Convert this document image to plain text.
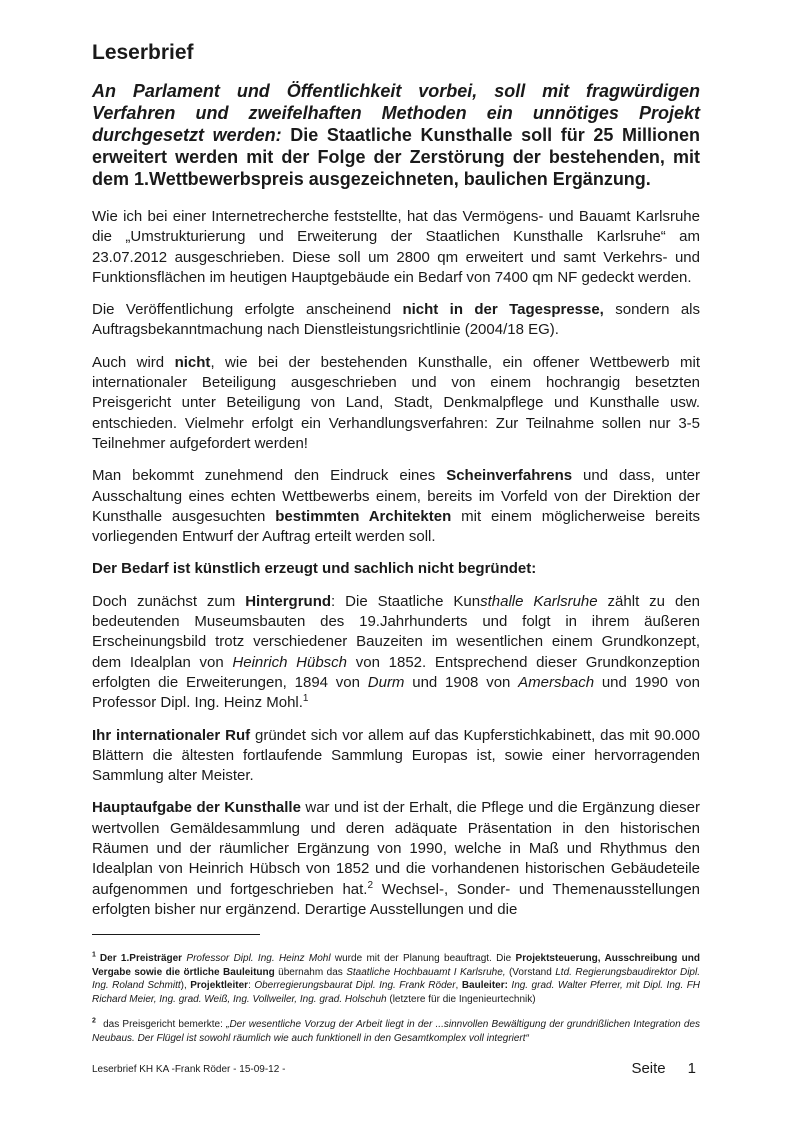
Leserbrief

An Parlament und Öffentlichkeit vorbei, soll mit fragwürdigen Verfahren und zweifelhaften Methoden ein unnötiges Projekt durchgesetzt werden: Die Staatliche Kunsthalle soll für 25 Millionen erweitert werden mit der Folge der Zerstörung der bestehenden, mit dem 1.Wettbewerbspreis ausgezeichneten, baulichen Ergänzung.

Wie ich bei einer Internetrecherche feststellte, hat das Vermögens- und Bauamt Karlsruhe die „Umstrukturierung und Erweiterung der Staatlichen Kunsthalle Karlsruhe“ am 23.07.2012 ausgeschrieben. Diese soll um 2800 qm erweitert und samt Verkehrs- und Funktionsflächen im heutigen Hauptgebäude ein Bedarf von 7400 qm NF gedeckt werden.

Die Veröffentlichung erfolgte anscheinend nicht in der Tagespresse, sondern als Auftragsbekanntmachung nach Dienstleistungsrichtlinie (2004/18 EG).

Auch wird nicht, wie bei der bestehenden Kunsthalle, ein offener Wettbewerb mit internationaler Beteiligung ausgeschrieben und von einem hochrangig besetzten Preisgericht unter Beteiligung von Land, Stadt, Denkmalpflege und Kunsthalle usw. entschieden. Vielmehr erfolgt ein Verhandlungsverfahren: Zur Teilnahme sollen nur 3-5 Teilnehmer aufgefordert werden!

Man bekommt zunehmend den Eindruck eines Scheinverfahrens und dass, unter Ausschaltung eines echten Wettbewerbs einem, bereits im Vorfeld von der Direktion der Kunsthalle ausgesuchten bestimmten Architekten mit einem möglicherweise bereits vorliegenden Entwurf der Auftrag erteilt werden soll.

Der Bedarf ist künstlich erzeugt und sachlich nicht begründet:

Doch zunächst zum Hintergrund: Die Staatliche Kunsthalle Karlsruhe zählt zu den bedeutenden Museumsbauten des 19.Jahrhunderts und folgt in ihrem äußeren Erscheinungsbild trotz verschiedener Bauzeiten im wesentlichen einem Grundkonzept, dem Idealplan von Heinrich Hübsch von 1852. Entsprechend dieser Grundkonzeption erfolgten die Erweiterungen, 1894 von Durm und 1908 von Amersbach und 1990 von Professor Dipl. Ing. Heinz Mohl.$^1$

Ihr internationaler Ruf gründet sich vor allem auf das Kupferstichkabinett, das mit 90.000 Blättern die ältesten fortlaufende Sammlung Europas ist, sowie einer hervorragenden Sammlung alter Meister.

Hauptaufgabe der Kunsthalle war und ist der Erhalt, die Pflege und die Ergänzung dieser wertvollen Gemäldesammlung und deren adäquate Präsentation in den historischen Räumen und der räumlicher Ergänzung von 1990, welche in Maß und Rhythmus den Idealplan von Heinrich Hübsch von 1852 und die vorhandenen historischen Gebäudeteile aufgenommen und fortgeschrieben hat.$^2$ Wechsel-, Sonder- und Themenausstellungen erfolgten bisher nur ergänzend. Derartige Ausstellungen und die

$^1$ Der 1.Preisträger Professor Dipl. Ing. Heinz Mohl wurde mit der Planung beauftragt. Die Projektsteuerung, Ausschreibung und Vergabe sowie die örtliche Bauleitung übernahm das Staatliche Hochbauamt I Karlsruhe, (Vorstand Ltd. Regierungsbaudirektor Dipl. Ing. Roland Schmitt), Projektleiter: Oberregierungsbaurat Dipl. Ing. Frank Röder, Bauleiter: Ing. grad. Walter Pferrer, mit Dipl. Ing. FH Richard Meier, Ing. grad. Weiß, Ing. Vollweiler, Ing. grad. Holschuh (letztere für die Ingenieurtechnik)

$^2$ das Preisgericht bemerkte: „Der wesentliche Vorzug der Arbeit liegt in der ...sinnvollen Bewältigung der grundrißlichen Integration des Neubaus. Der Flügel ist sowohl räumlich wie auch funktionell in den Gesamtkomplex voll integriert“

Leserbrief KH KA -Frank Röder - 15-09-12 -	Seite 1
